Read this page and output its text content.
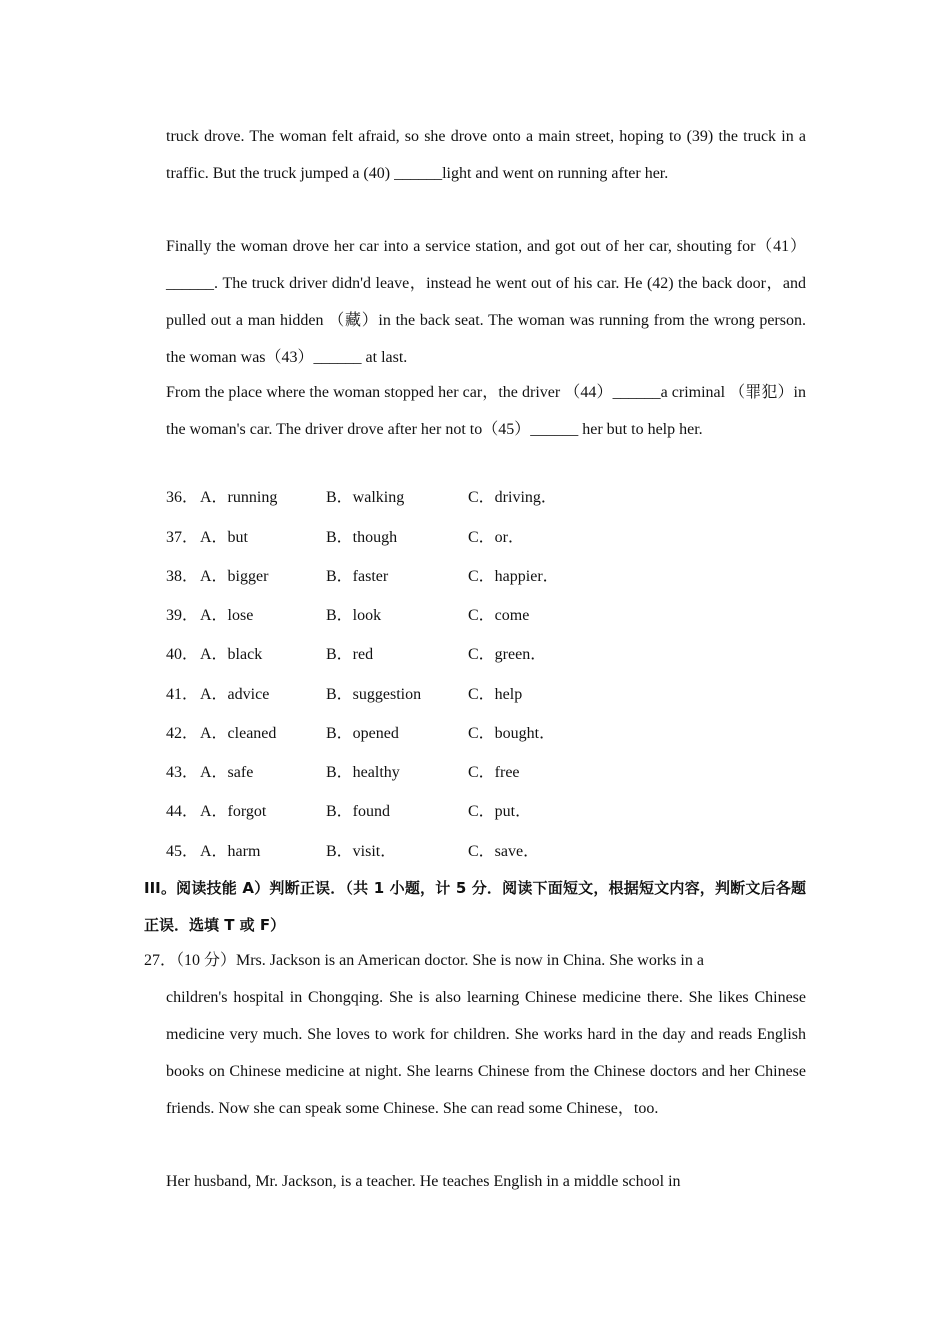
truck drove. The woman felt afraid, so she drove onto a main street, hoping to (39) the truck in a traffic. But the truck jumped a (40) ______light and went on running after her.
Finally the woman drove her car into a service station, and got out of her car, shouting for（41）______. The truck driver didn'd leave，instead he went out of his car. He (42) the back door，and pulled out a man hidden （藏）in the back seat. The woman was running from the wrong person. the woman was（43）______ at last.
From the place where the woman stopped her car，the driver （44）______a criminal （罪犯）in the woman's car. The driver drove after her not to（45）______ her but to help her.
36． A．running	B．walking	C．driving．
37． A．but	B．though	C．or．
38． A．bigger	B．faster	C．happier．
39． A．lose	B．look	C．come
40． A．black	B．red	C．green．
41． A．advice	B．suggestion	C．help
42． A．cleaned	B．opened	C．bought．
43． A．safe	B．healthy	C．free
44． A．forgot	B．found	C．put．
45． A．harm	B．visit．	C．save．
III。阅读技能 A）判断正误．（共 1 小题，计 5 分．阅读下面短文，根据短文内容，判断文后各题正误．选填 T 或 F）
27．（10 分）Mrs. Jackson is an American doctor. She is now in China. She works in a
children's hospital in Chongqing. She is also learning Chinese medicine there. She likes Chinese medicine very much. She loves to work for children. She works hard in the day and reads English books on Chinese medicine at night. She learns Chinese from the Chinese doctors and her Chinese friends. Now she can speak some Chinese. She can read some Chinese，too.
Her husband, Mr. Jackson, is a teacher. He teaches English in a middle school in
